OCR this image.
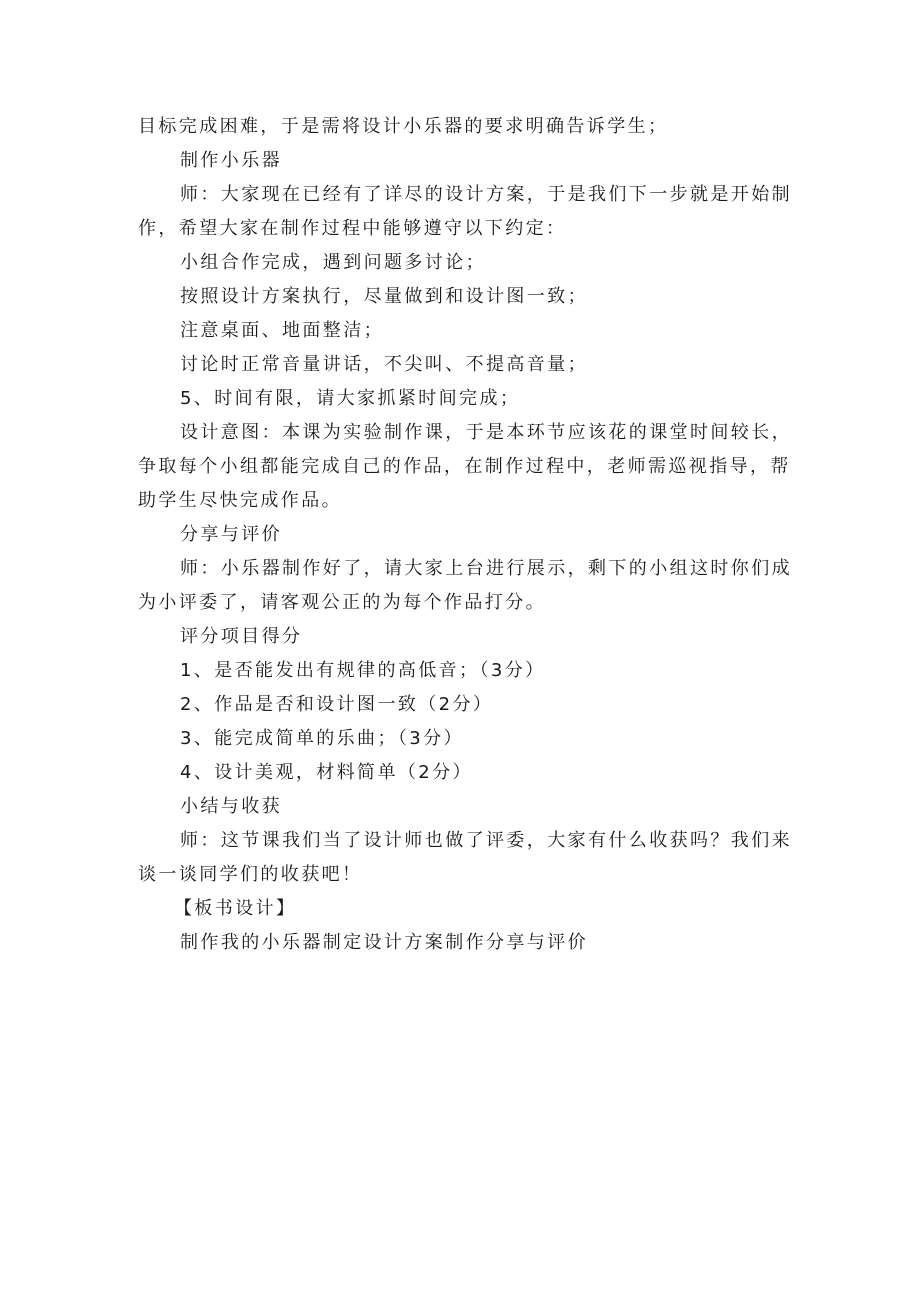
目标完成困难，于是需将设计小乐器的要求明确告诉学生；

制作小乐器

师：大家现在已经有了详尽的设计方案，于是我们下一步就是开始制

作，希望大家在制作过程中能够遵守以下约定：

小组合作完成，遇到问题多讨论；

按照设计方案执行，尽量做到和设计图一致；

注意桌面、地面整洁；

讨论时正常音量讲话，不尖叫、不提高音量；

5、时间有限，请大家抓紧时间完成；

设计意图：本课为实验制作课，于是本环节应该花的课堂时间较长，

争取每个小组都能完成自己的作品，在制作过程中，老师需巡视指导，帮

助学生尽快完成作品。

分享与评价

师：小乐器制作好了，请大家上台进行展示，剩下的小组这时你们成

为小评委了，请客观公正的为每个作品打分。

评分项目得分

1、是否能发出有规律的高低音；（3分）

2、作品是否和设计图一致（2分）

3、能完成简单的乐曲；（3分）

4、设计美观，材料简单（2分）

小结与收获

师：这节课我们当了设计师也做了评委，大家有什么收获吗？我们来

谈一谈同学们的收获吧！

【板书设计】

制作我的小乐器制定设计方案制作分享与评价
